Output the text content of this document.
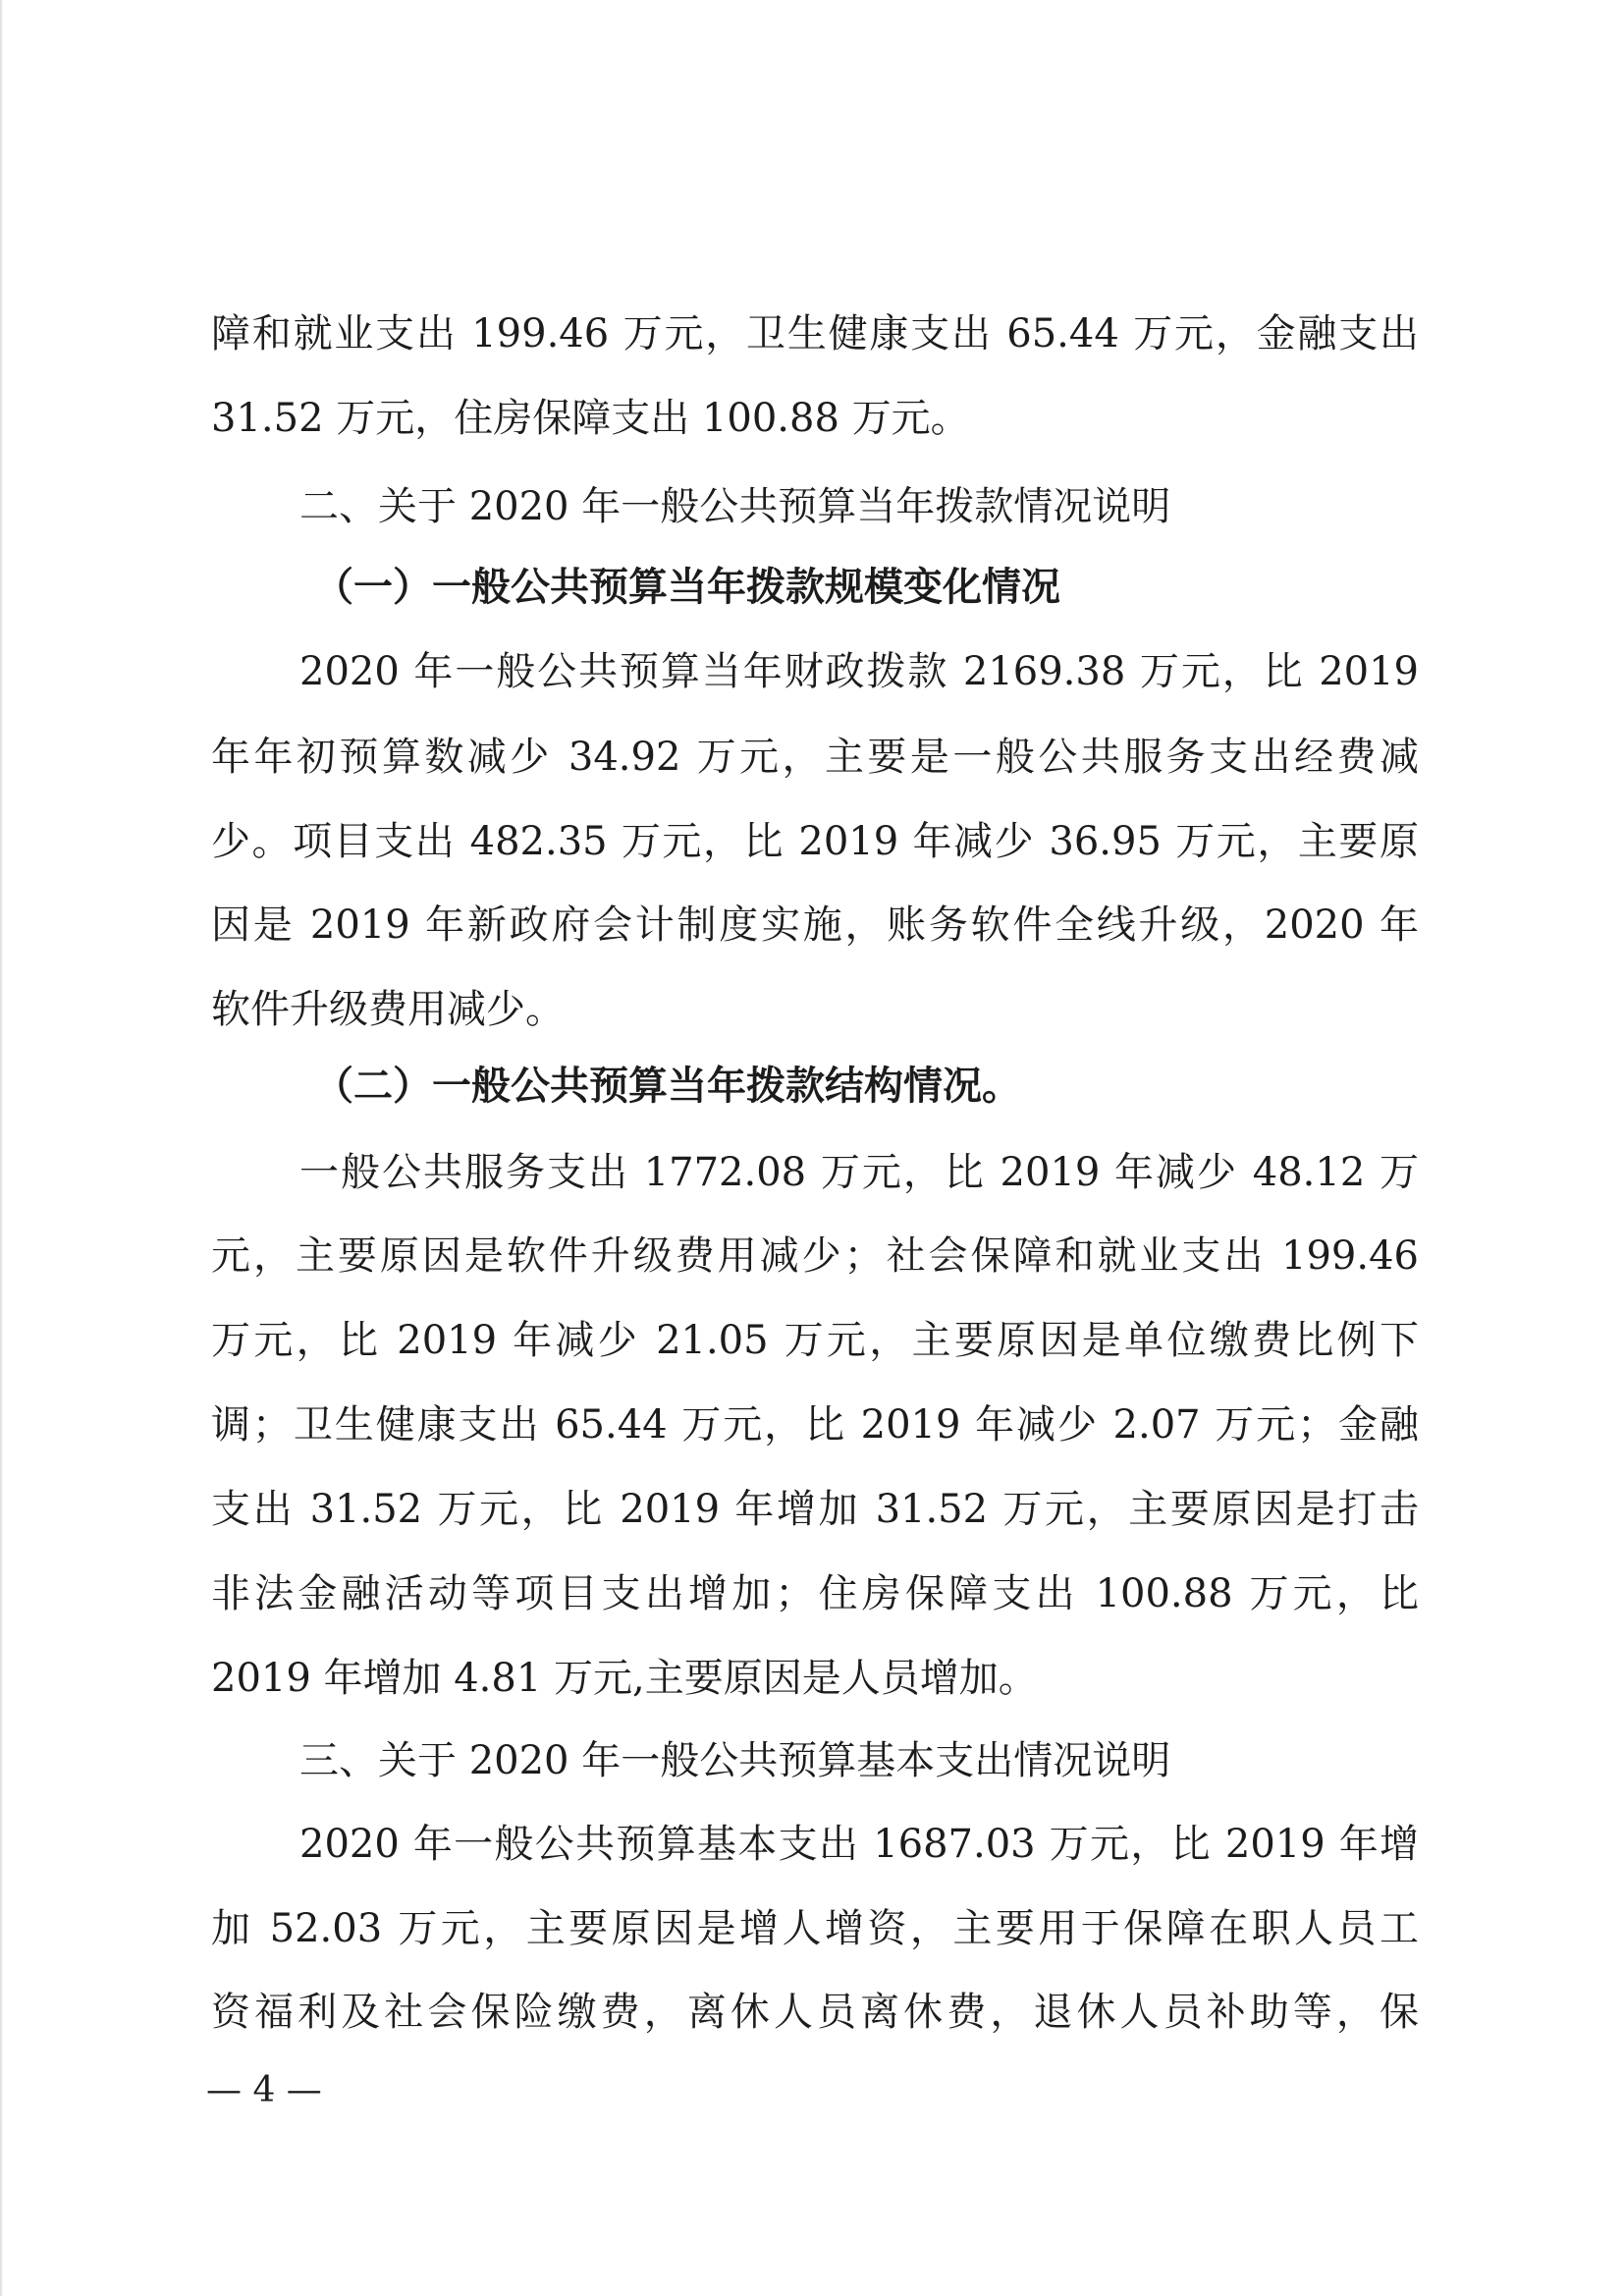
障和就业支出 199.46 万元，卫生健康支出 65.44 万元，金融支出
31.52 万元，住房保障支出 100.88 万元。
二、关于 2020 年一般公共预算当年拨款情况说明
（一）一般公共预算当年拨款规模变化情况
2020 年一般公共预算当年财政拨款 2169.38 万元，比 2019
年年初预算数减少 34.92 万元，主要是一般公共服务支出经费减
少。项目支出 482.35 万元，比 2019 年减少 36.95 万元，主要原
因是 2019 年新政府会计制度实施，账务软件全线升级，2020 年
软件升级费用减少。
（二）一般公共预算当年拨款结构情况。
一般公共服务支出 1772.08 万元，比 2019 年减少 48.12 万
元，主要原因是软件升级费用减少；社会保障和就业支出 199.46
万元，比 2019 年减少 21.05 万元，主要原因是单位缴费比例下
调；卫生健康支出 65.44 万元，比 2019 年减少 2.07 万元；金融
支出 31.52 万元，比 2019 年增加 31.52 万元，主要原因是打击
非法金融活动等项目支出增加；住房保障支出 100.88 万元，比
2019 年增加 4.81 万元,主要原因是人员增加。
三、关于 2020 年一般公共预算基本支出情况说明
2020 年一般公共预算基本支出 1687.03 万元，比 2019 年增
加 52.03 万元，主要原因是增人增资，主要用于保障在职人员工
资福利及社会保险缴费，离休人员离休费，退休人员补助等，保
— 4 —
